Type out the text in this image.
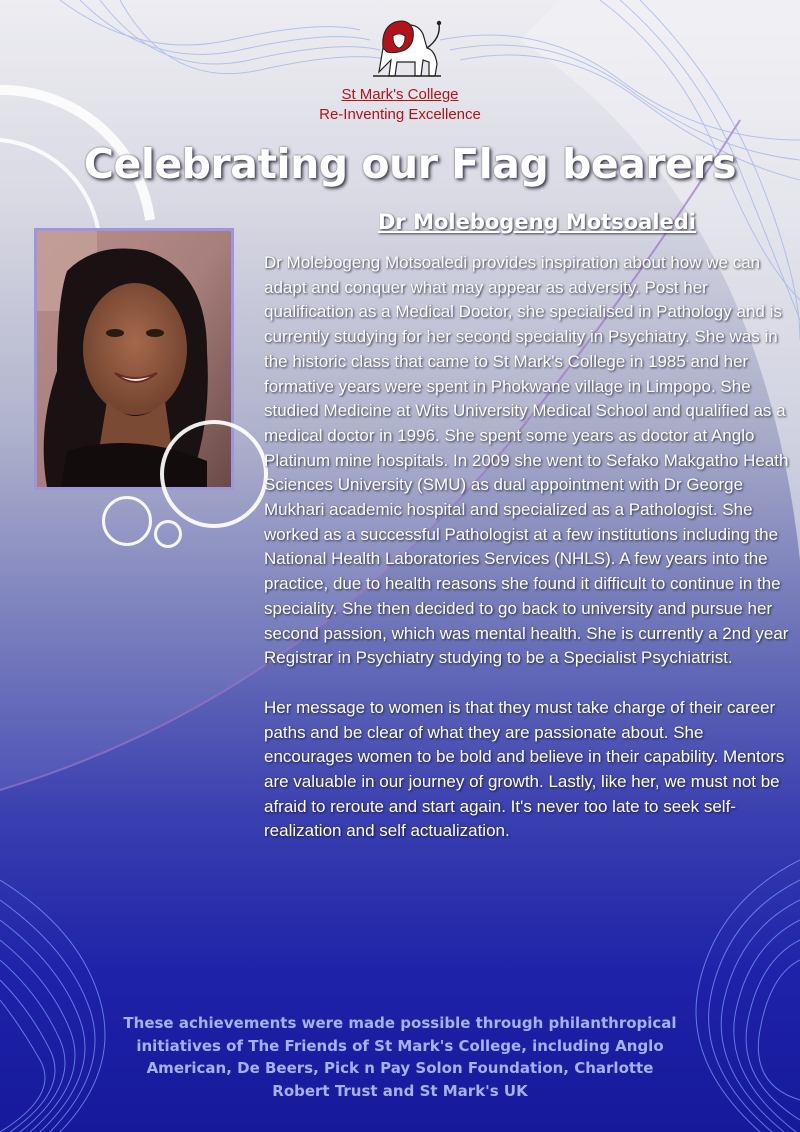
St Mark's College
Re-Inventing Excellence
Celebrating our Flag bearers
Dr Molebogeng Motsoaledi

Dr Molebogeng Motsoaledi provides inspiration about how we can adapt and conquer what may appear as adversity. Post her qualification as a Medical Doctor, she specialised in Pathology and is currently studying for her second speciality in Psychiatry. She was in the historic class that came to St Mark's College in 1985 and her formative years were spent in Phokwane village in Limpopo. She studied Medicine at Wits University Medical School and qualified as a medical doctor in 1996. She spent some years as doctor at Anglo Platinum mine hospitals. In 2009 she went to Sefako Makgatho Heath Sciences University (SMU) as dual appointment with Dr George Mukhari academic hospital and specialized as a Pathologist. She worked as a successful Pathologist at a few institutions including the National Health Laboratories Services (NHLS). A few years into the practice, due to health reasons she found it difficult to continue in the speciality. She then decided to go back to university and pursue her second passion, which was mental health. She is currently a 2nd year Registrar in Psychiatry studying to be a Specialist Psychiatrist.

Her message to women is that they must take charge of their career paths and be clear of what they are passionate about. She encourages women to be bold and believe in their capability. Mentors are valuable in our journey of growth. Lastly, like her, we must not be afraid to reroute and start again. It's never too late to seek self-realization and self actualization.

These achievements were made possible through philanthropical initiatives of The Friends of St Mark's College, including Anglo American, De Beers, Pick n Pay Solon Foundation, Charlotte Robert Trust and St Mark's UK
